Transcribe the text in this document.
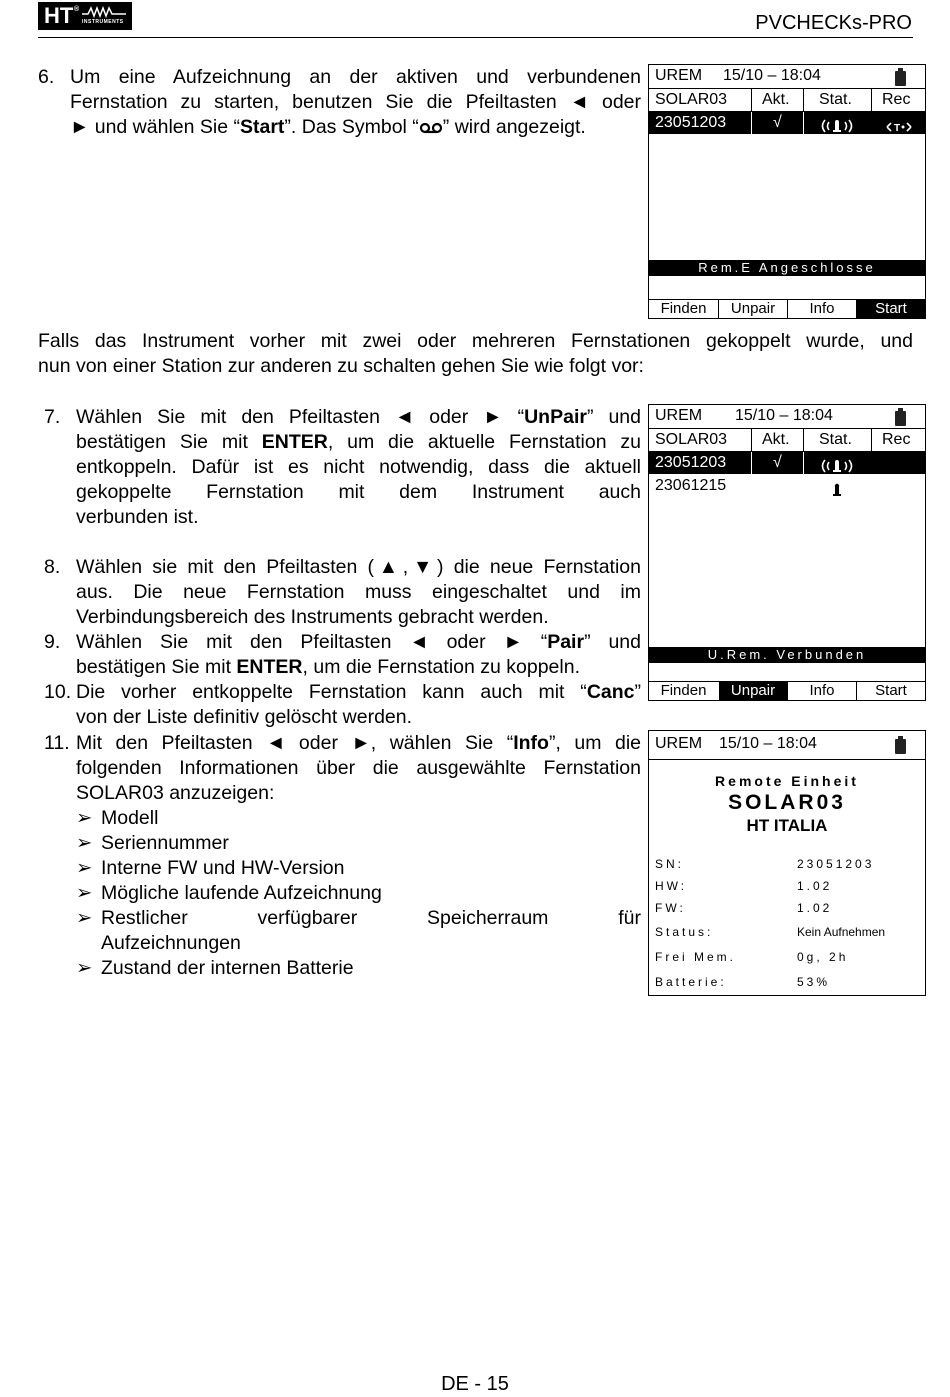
HT ®
INSTRUMENTS	PVCHECKs-PRO
6. Um eine Aufzeichnung an der aktiven und verbundenen
Fernstation zu starten, benutzen Sie die Pfeiltasten ◄ oder
► und wählen Sie “Start”. Das Symbol “ ” wird angezeigt.
UREM 15/10 – 18:04
SOLAR03 Akt. Stat. Rec
23051203	√	T
Rem.E Angeschlosse
Finden	Unpair	Info	Start
Falls das Instrument vorher mit zwei oder mehreren Fernstationen gekoppelt wurde, und
nun von einer Station zur anderen zu schalten gehen Sie wie folgt vor:
7. Wählen Sie mit den Pfeiltasten ◄ oder ► “UnPair” und
bestätigen Sie mit ENTER, um die aktuelle Fernstation zu
entkoppeln. Dafür ist es nicht notwendig, dass die aktuell
gekoppelte Fernstation mit dem Instrument auch
verbunden ist.
UREM 15/10 – 18:04
SOLAR03 Akt. Stat. Rec
23051203	√
23061215
U.Rem. Verbunden
Finden	Unpair	Info	Start
8. Wählen sie mit den Pfeiltasten (▲,▼) die neue Fernstation
aus. Die neue Fernstation muss eingeschaltet und im
Verbindungsbereich des Instruments gebracht werden.
9. Wählen Sie mit den Pfeiltasten ◄ oder ► “Pair” und
bestätigen Sie mit ENTER, um die Fernstation zu koppeln.
10. Die vorher entkoppelte Fernstation kann auch mit “Canc”
von der Liste definitiv gelöscht werden.
11. Mit den Pfeiltasten ◄ oder ►, wählen Sie “Info”, um die
folgenden Informationen über die ausgewählte Fernstation
SOLAR03 anzuzeigen:
➢ Modell
➢ Seriennummer
➢ Interne FW und HW-Version
➢ Mögliche laufende Aufzeichnung
➢ Restlicher verfügbarer Speicherraum für
Aufzeichnungen
➢ Zustand der internen Batterie
UREM 15/10 – 18:04
Remote Einheit
SOLAR03
HT ITALIA
SN:	23051203
HW:	1.02
FW:	1.02
Status:	Kein Aufnehmen
Frei Mem.	0g, 2h
Batterie:	53%
DE - 15
